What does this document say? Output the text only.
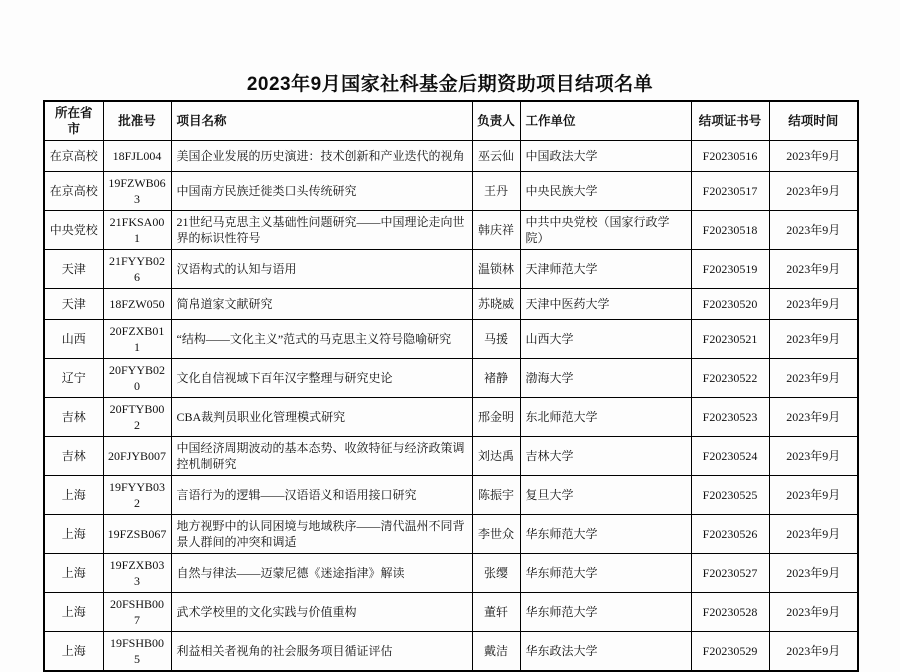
2023年9月国家社科基金后期资助项目结项名单
所在省市	批准号	项目名称	负责人	工作单位	结项证书号	结项时间
在京高校	18FJL004	美国企业发展的历史演进：技术创新和产业迭代的视角	巫云仙	中国政法大学	F20230516	2023年9月
在京高校	19FZWB063	中国南方民族迁徙类口头传统研究	王丹	中央民族大学	F20230517	2023年9月
中央党校	21FKSA001	21世纪马克思主义基础性问题研究——中国理论走向世界的标识性符号	韩庆祥	中共中央党校（国家行政学院）	F20230518	2023年9月
天津	21FYYB026	汉语构式的认知与语用	温锁林	天津师范大学	F20230519	2023年9月
天津	18FZW050	简帛道家文献研究	苏晓威	天津中医药大学	F20230520	2023年9月
山西	20FZXB011	“结构——文化主义”范式的马克思主义符号隐喻研究	马援	山西大学	F20230521	2023年9月
辽宁	20FYYB020	文化自信视域下百年汉字整理与研究史论	褚静	渤海大学	F20230522	2023年9月
吉林	20FTYB002	CBA裁判员职业化管理模式研究	邢金明	东北师范大学	F20230523	2023年9月
吉林	20FJYB007	中国经济周期波动的基本态势、收敛特征与经济政策调控机制研究	刘达禹	吉林大学	F20230524	2023年9月
上海	19FYYB032	言语行为的逻辑——汉语语义和语用接口研究	陈振宇	复旦大学	F20230525	2023年9月
上海	19FZSB067	地方视野中的认同困境与地域秩序——清代温州不同背景人群间的冲突和调适	李世众	华东师范大学	F20230526	2023年9月
上海	19FZXB033	自然与律法——迈蒙尼德《迷途指津》解读	张缨	华东师范大学	F20230527	2023年9月
上海	20FSHB007	武术学校里的文化实践与价值重构	董轩	华东师范大学	F20230528	2023年9月
上海	19FSHB005	利益相关者视角的社会服务项目循证评估	戴洁	华东政法大学	F20230529	2023年9月
